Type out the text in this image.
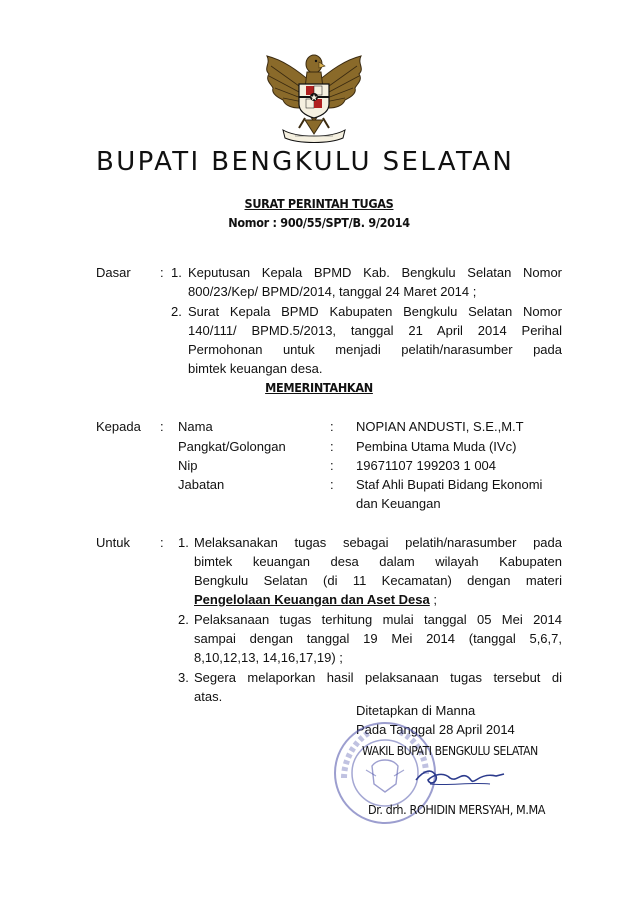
BUPATI BENGKULU SELATAN
SURAT PERINTAH TUGAS
Nomor : 900/55/SPT/B. 9/2014
Dasar : 1. Keputusan Kepala BPMD Kab. Bengkulu Selatan Nomor
800/23/Kep/ BPMD/2014, tanggal 24 Maret 2014 ;
2. Surat Kepala BPMD Kabupaten Bengkulu Selatan Nomor
140/111/ BPMD.5/2013, tanggal 21 April 2014 Perihal
Permohonan untuk menjadi pelatih/narasumber pada
bimtek keuangan desa.
MEMERINTAHKAN
Kepada : Nama	: NOPIAN ANDUSTI, S.E.,M.T
Pangkat/Golongan	: Pembina Utama Muda (IVc)
Nip	: 19671107 199203 1 004
Jabatan	: Staf Ahli Bupati Bidang Ekonomi
dan Keuangan
Untuk : 1. Melaksanakan tugas sebagai pelatih/narasumber pada
bimtek keuangan desa dalam wilayah Kabupaten
Bengkulu Selatan (di 11 Kecamatan) dengan materi
Pengelolaan Keuangan dan Aset Desa ;
2. Pelaksanaan tugas terhitung mulai tanggal 05 Mei 2014
sampai dengan tanggal 19 Mei 2014 (tanggal 5,6,7,
8,10,12,13, 14,16,17,19) ;
3. Segera melaporkan hasil pelaksanaan tugas tersebut di
atas.
Ditetapkan di Manna
Pada Tanggal 28 April 2014
WAKIL BUPATI BENGKULU SELATAN
Dr. drh. ROHIDIN MERSYAH, M.MA
